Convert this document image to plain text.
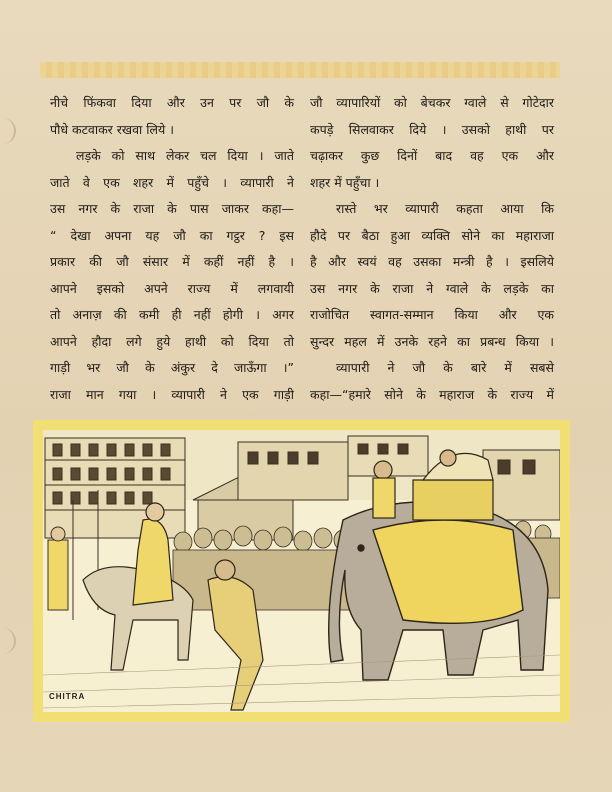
नीचे फिंकवा दिया और उन पर जौ के

पौधे कटवाकर रखवा लिये ।

लड़के को साथ लेकर चल दिया । जाते

जाते वे एक शहर में पहुँचे । व्यापारी ने

उस नगर के राजा के पास जाकर कहा—

“ देखा अपना यह जौ का गट्ठर ? इस

प्रकार की जौ संसार में कहीं नहीं है ।

आपने इसको अपने राज्य में लगवायी

तो अनाज़ की कमी ही नहीं होगी । अगर

आपने हौदा लगे हुये हाथी को दिया तो

गाड़ी भर जौ के अंकुर दे जाऊँगा ।”

राजा मान गया । व्यापारी ने एक गाड़ी

जौ व्यापारियों को बेचकर ग्वाले से गोटेदार

कपड़े सिलवाकर दिये । उसको हाथी पर

चढ़ाकर कुछ दिनों बाद वह एक और

शहर में पहुँचा ।

रास्ते भर व्यापारी कहता आया कि

हौदे पर बैठा हुआ व्यक्ति सोने का महाराजा

है और स्वयं वह उसका मन्त्री है । इसलिये

उस नगर के राजा ने ग्वाले के लड़के का

राजोचित स्वागत-सम्मान किया और एक

सुन्दर महल में उनके रहने का प्रबन्ध किया ।

व्यापारी ने जौ के बारे में सबसे

कहा—“हमारे सोने के महाराज के राज्य में

CHITRA
